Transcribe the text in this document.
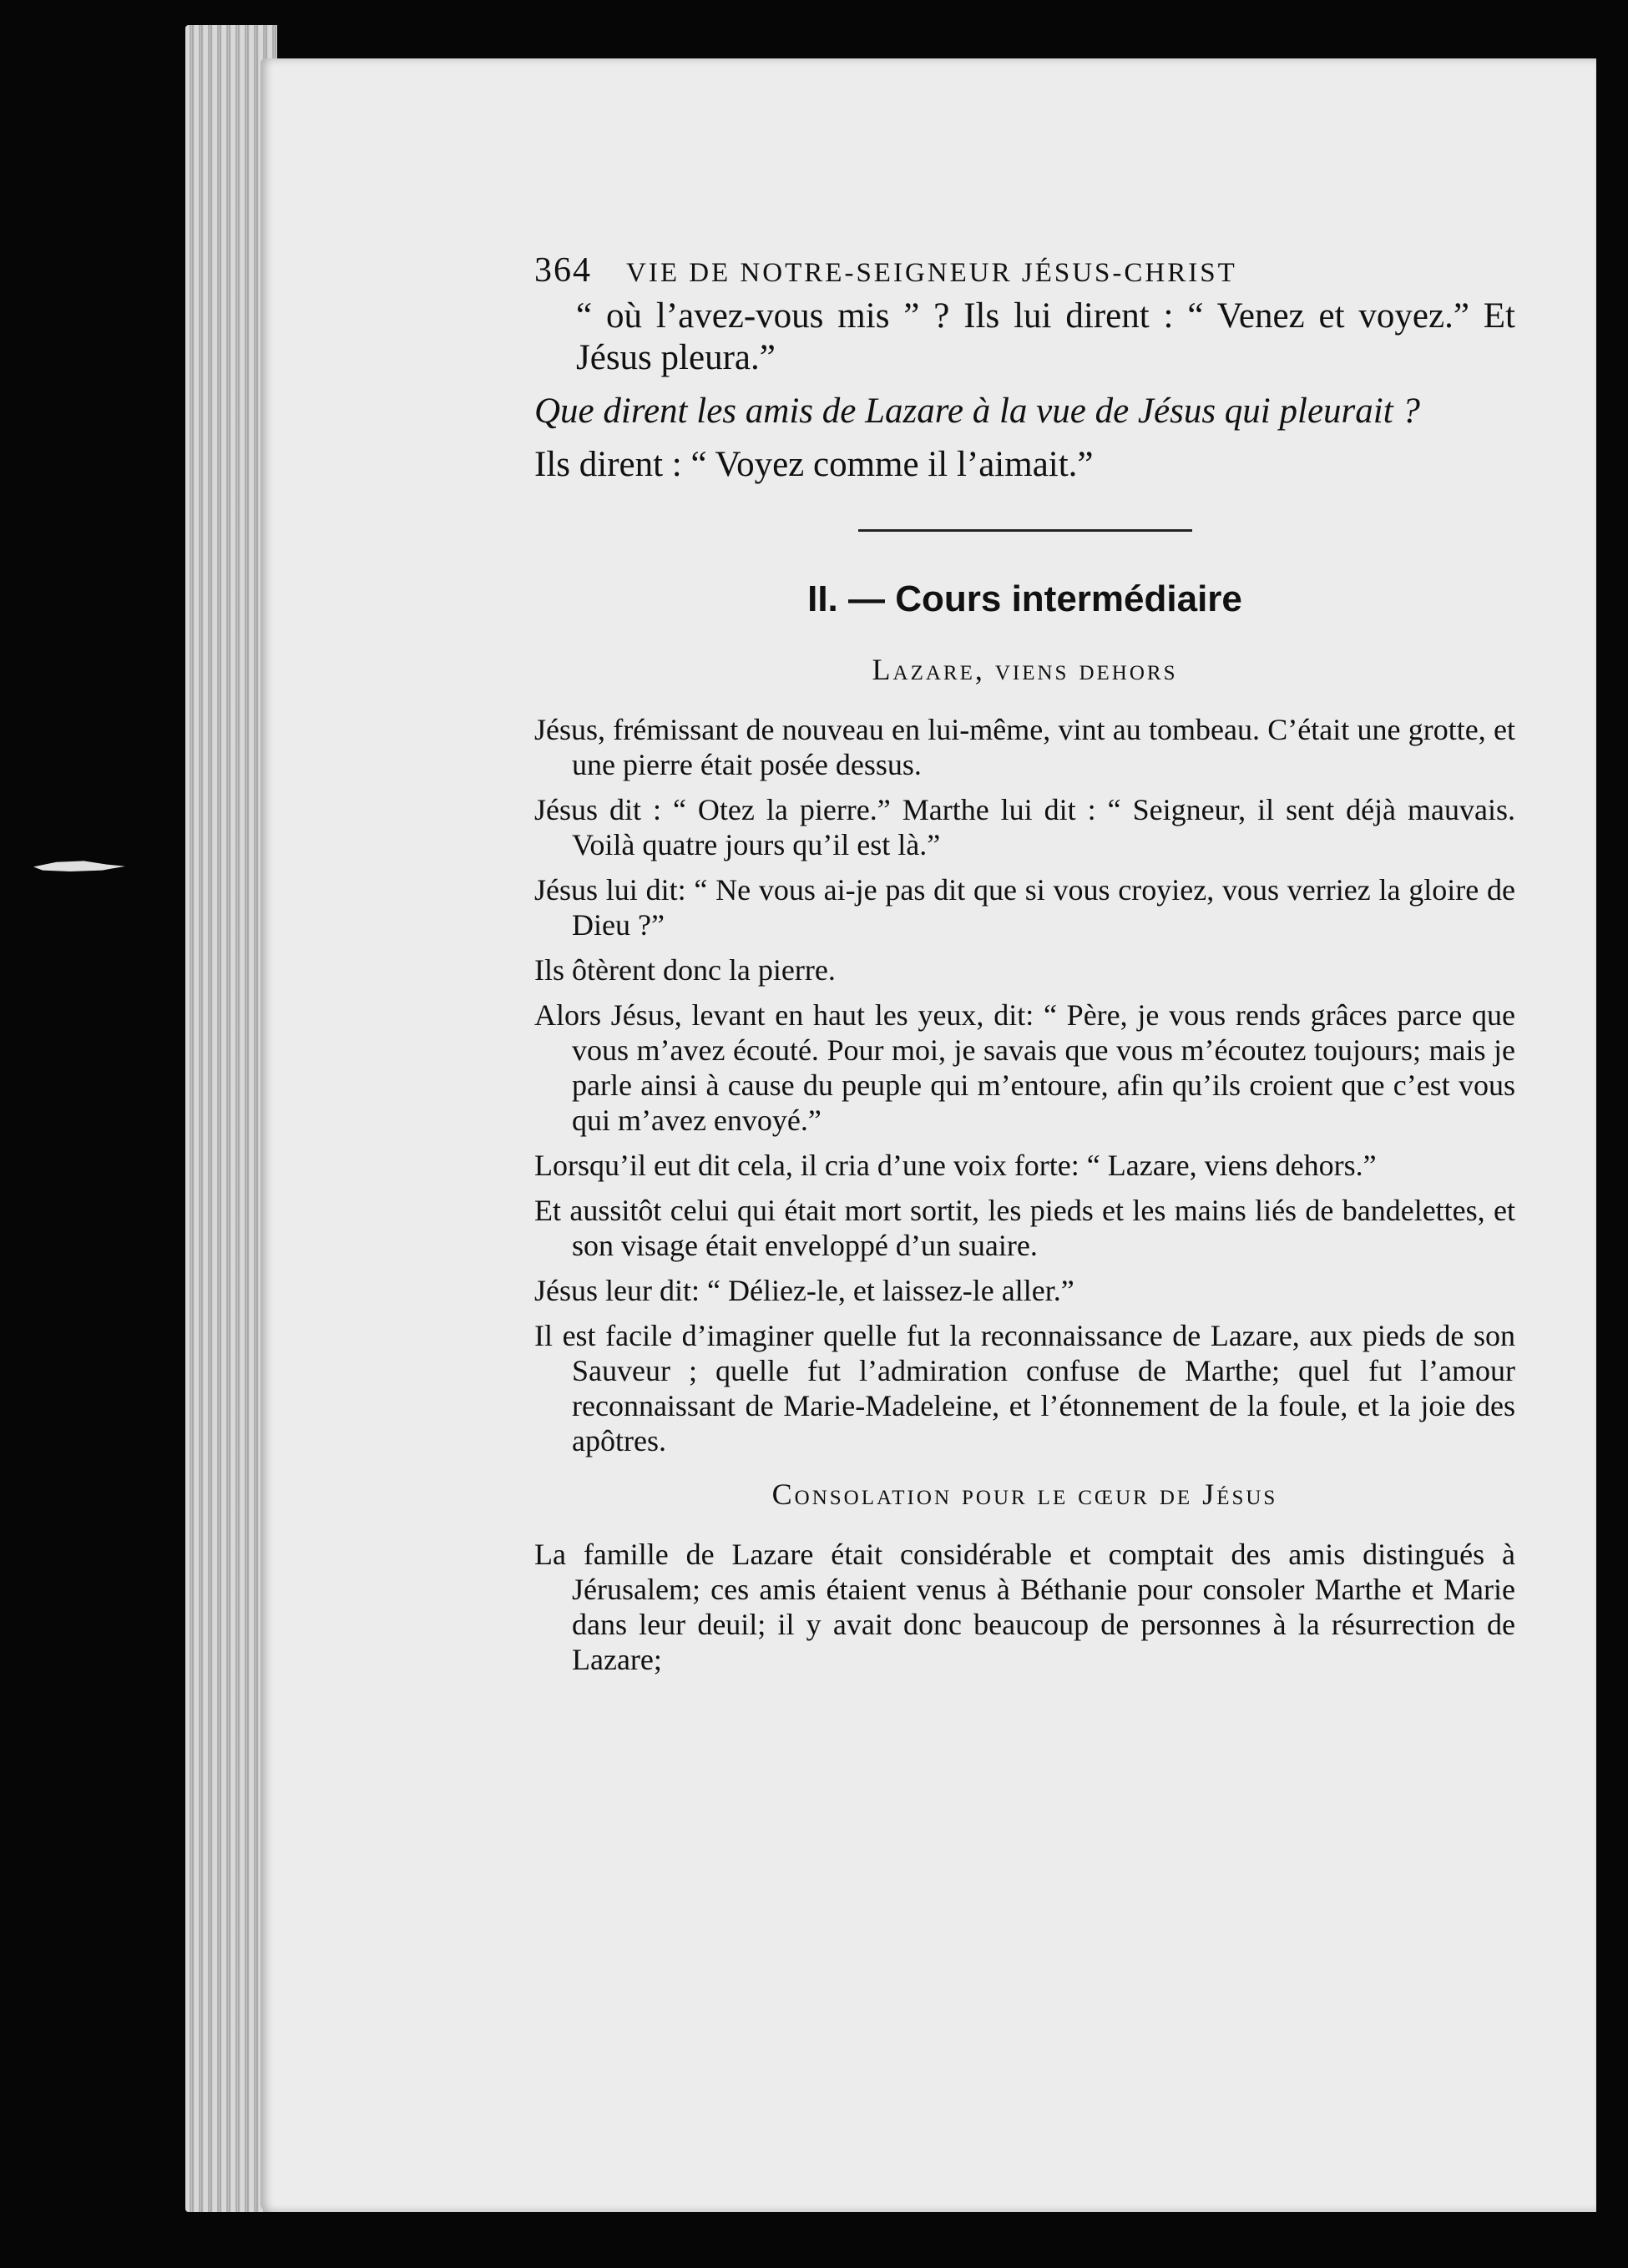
364	VIE DE NOTRE-SEIGNEUR JÉSUS-CHRIST

“ où l’avez-vous mis ” ? Ils lui dirent : “ Venez et voyez.” Et Jésus pleura.”

Que dirent les amis de Lazare à la vue de Jésus qui pleurait ?

Ils dirent : “ Voyez comme il l’aimait.”

II. — Cours intermédiaire
Lazare, viens dehors

Jésus, frémissant de nouveau en lui-même, vint au tombeau. C’était une grotte, et une pierre était posée dessus.

Jésus dit : “ Otez la pierre.” Marthe lui dit : “ Seigneur, il sent déjà mauvais. Voilà quatre jours qu’il est là.”

Jésus lui dit: “ Ne vous ai-je pas dit que si vous croyiez, vous verriez la gloire de Dieu ?”

Ils ôtèrent donc la pierre.

Alors Jésus, levant en haut les yeux, dit: “ Père, je vous rends grâces parce que vous m’avez écouté. Pour moi, je savais que vous m’écoutez toujours; mais je parle ainsi à cause du peuple qui m’entoure, afin qu’ils croient que c’est vous qui m’avez envoyé.”

Lorsqu’il eut dit cela, il cria d’une voix forte: “ Lazare, viens dehors.”

Et aussitôt celui qui était mort sortit, les pieds et les mains liés de bandelettes, et son visage était enveloppé d’un suaire.

Jésus leur dit: “ Déliez-le, et laissez-le aller.”

Il est facile d’imaginer quelle fut la reconnaissance de Lazare, aux pieds de son Sauveur ; quelle fut l’admiration confuse de Marthe; quel fut l’amour reconnaissant de Marie-Madeleine, et l’étonnement de la foule, et la joie des apôtres.

Consolation pour le cœur de Jésus

La famille de Lazare était considérable et comptait des amis distingués à Jérusalem; ces amis étaient venus à Béthanie pour consoler Marthe et Marie dans leur deuil; il y avait donc beaucoup de personnes à la résurrection de Lazare;
